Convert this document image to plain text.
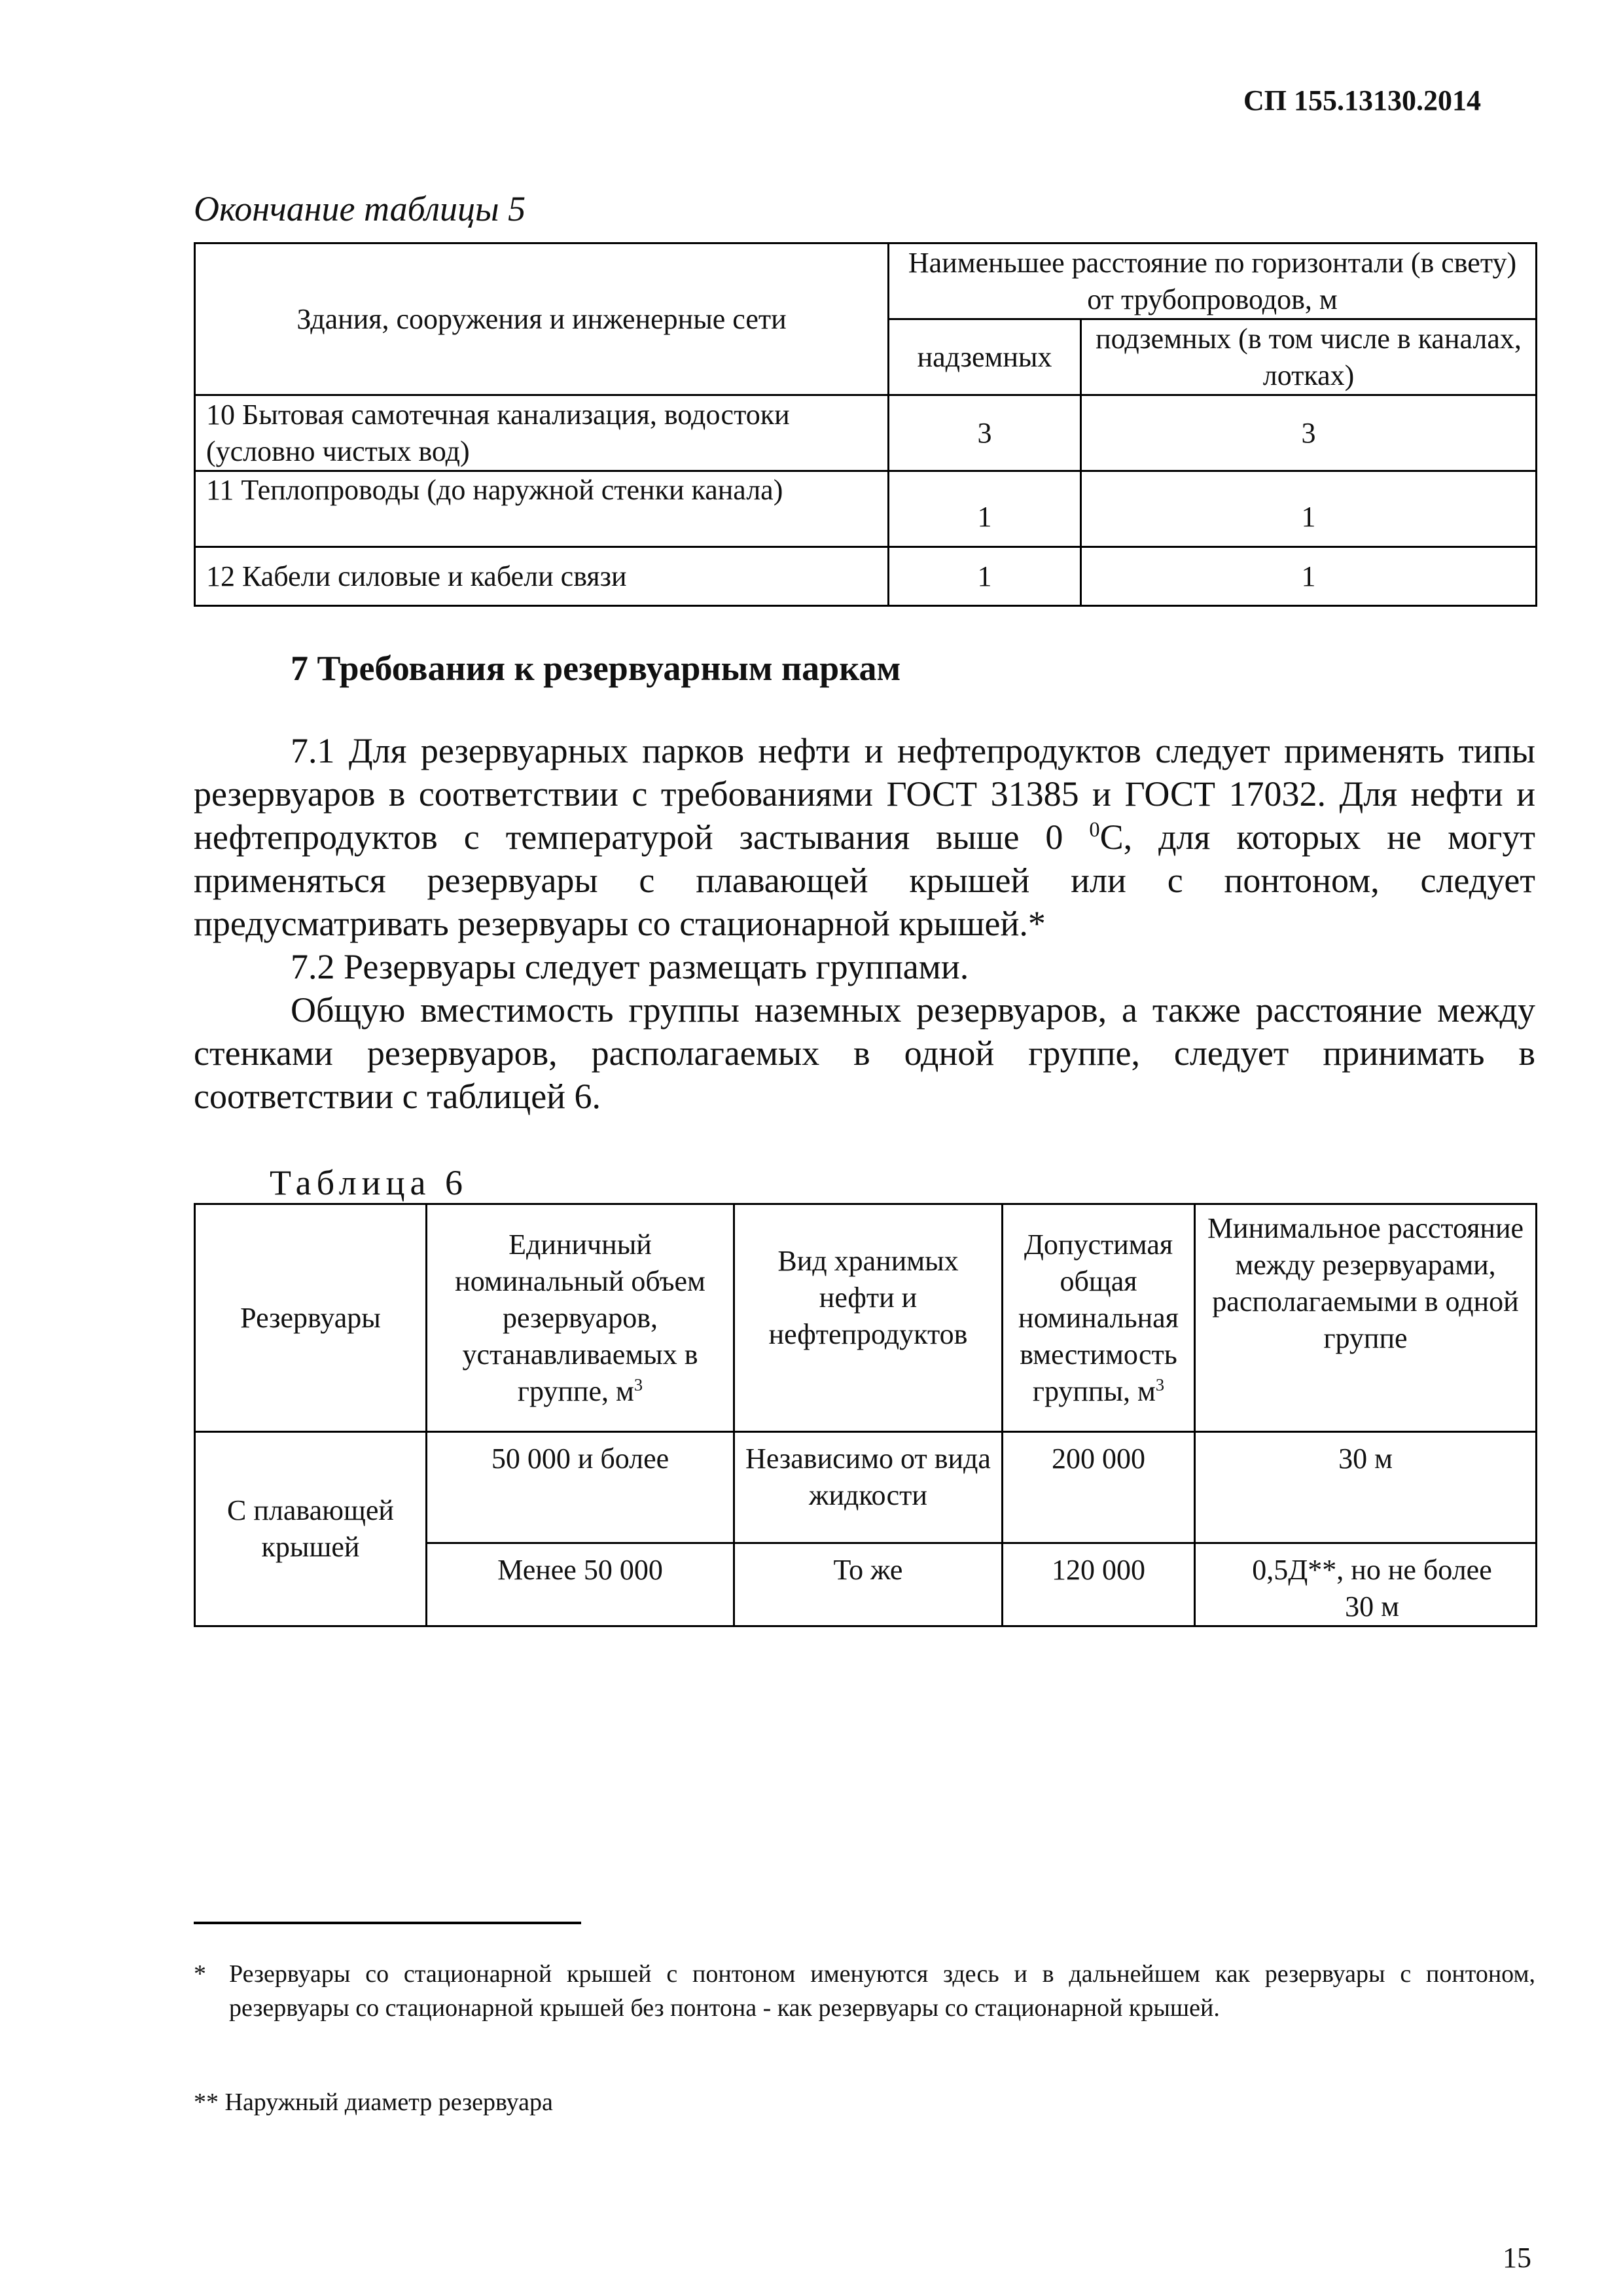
СП 155.13130.2014
Окончание таблицы 5
Здания, сооружения и инженерные сети	Наименьшее расстояние по горизонтали (в свету) от трубопроводов, м	
	надземных	подземных (в том числе в каналах, лотках)
10 Бытовая самотечная канализация, водостоки (условно чистых вод)	3	3
11 Теплопроводы (до наружной стенки канала)	1	1
12 Кабели силовые и кабели связи	1	1
7 Требования к резервуарным паркам
7.1 Для резервуарных парков нефти и нефтепродуктов следует применять типы резервуаров в соответствии с требованиями ГОСТ 31385 и ГОСТ 17032. Для нефти и нефтепродуктов с температурой застывания выше 0 $^0$С, для которых не могут применяться резервуары с плавающей крышей или с понтоном, следует предусматривать резервуары со стационарной крышей.*
7.2 Резервуары следует размещать группами.
Общую вместимость группы наземных резервуаров, а также расстояние между стенками резервуаров, располагаемых в одной группе, следует принимать в соответствии с таблицей 6.
Таблица 6
Резервуары	Единичный номинальный объем резервуаров, устанавливаемых в группе, $м^3$	Вид хранимых нефти и нефтепродуктов	Допустимая общая номинальная вместимость группы, $м^3$	Минимальное расстояние между резервуарами, располагаемыми в одной группе
С плавающей крышей	50 000 и более	Независимо от вида жидкости	200 000	30 м
	Менее 50 000	То же	120 000	0,5Д**, но не более 30 м
* Резервуары со стационарной крышей с понтоном именуются здесь и в дальнейшем как резервуары с понтоном, резервуары со стационарной крышей без понтона - как резервуары со стационарной крышей.
** Наружный диаметр резервуара
15
